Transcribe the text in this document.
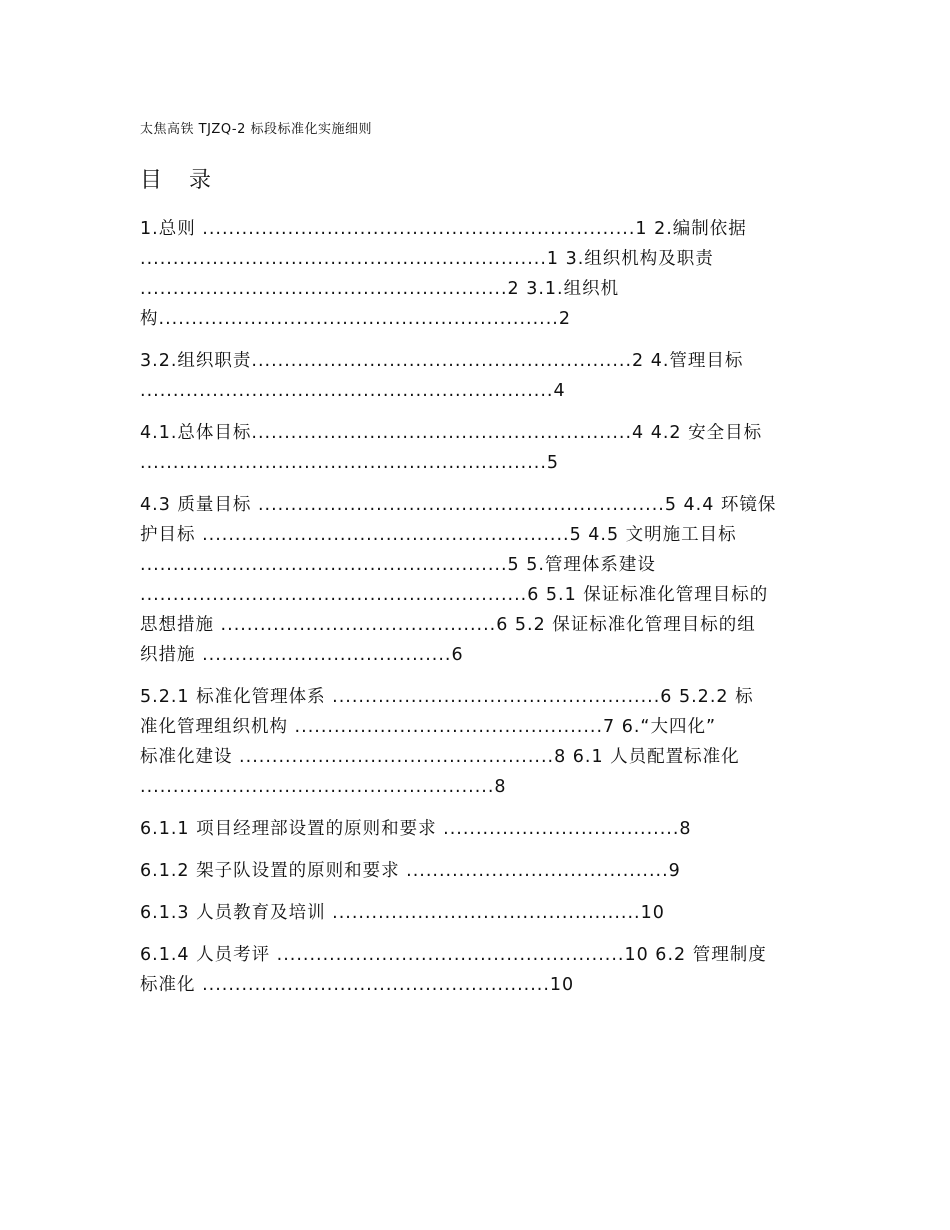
太焦高铁 TJZQ-2 标段标准化实施细则
目 录
1.总则 ..................................................................1 2.编制依据
..............................................................1 3.组织机构及职责
........................................................2 3.1.组织机
构.............................................................2
3.2.组织职责..........................................................2 4.管理目标
...............................................................4
4.1.总体目标..........................................................4 4.2 安全目标
..............................................................5
4.3 质量目标 ..............................................................5 4.4 环镜保
护目标 ........................................................5 4.5 文明施工目标
........................................................5 5.管理体系建设
...........................................................6 5.1 保证标准化管理目标的
思想措施 ..........................................6 5.2 保证标准化管理目标的组
织措施 ......................................6
5.2.1 标准化管理体系 ..................................................6 5.2.2 标
准化管理组织机构 ...............................................7 6.“大四化”
标准化建设 ................................................8 6.1 人员配置标准化
......................................................8
6.1.1 项目经理部设置的原则和要求 ....................................8
6.1.2 架子队设置的原则和要求 ........................................9
6.1.3 人员教育及培训 ...............................................10
6.1.4 人员考评 .....................................................10 6.2 管理制度
标准化 .....................................................10
